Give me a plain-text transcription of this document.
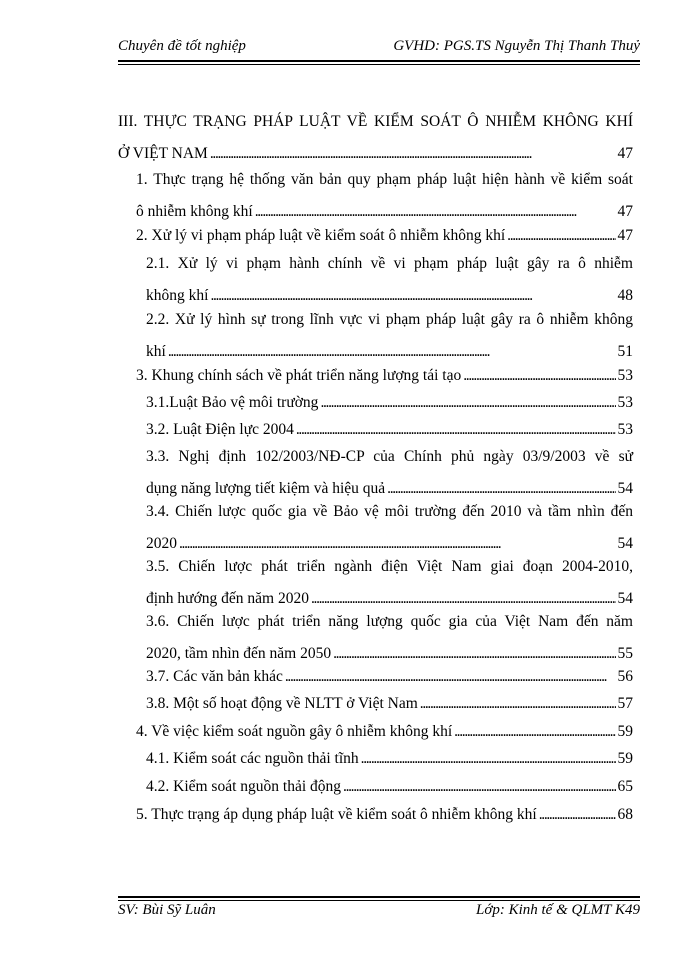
Chuyên đề tốt nghiệp	GVHD: PGS.TS Nguyễn Thị Thanh Thuỷ
III. THỰC TRẠNG PHÁP LUẬT VỀ KIỂM SOÁT Ô NHIỄM KHÔNG KHÍ
Ở VIỆT NAM . . .	47
1. Thực trạng hệ thống văn bản quy phạm pháp luật hiện hành về kiểm soát
ô nhiễm không khí . . .	47
2. Xử lý vi phạm pháp luật về kiểm soát ô nhiễm không khí . . .	47
2.1. Xử lý vi phạm hành chính về vi phạm pháp luật gây ra ô nhiễm
không khí . . .	48
2.2. Xử lý hình sự trong lĩnh vực vi phạm pháp luật gây ra ô nhiễm không
khí . . .	51
3. Khung chính sách về phát triển năng lượng tái tạo . . .	53
3.1.Luật Bảo vệ môi trường . . .	53
3.2. Luật Điện lực 2004 . . .	53
3.3. Nghị định 102/2003/NĐ-CP của Chính phủ ngày 03/9/2003 về sử
dụng năng lượng tiết kiệm và hiệu quả . . .	54
3.4. Chiến lược quốc gia về Bảo vệ môi trường đến 2010 và tầm nhìn đến
2020 . . .	54
3.5. Chiến lược phát triển ngành điện Việt Nam giai đoạn 2004-2010,
định hướng đến năm 2020 . . .	54
3.6. Chiến lược phát triển năng lượng quốc gia của Việt Nam đến năm
2020, tầm nhìn đến năm 2050 . . .	55
3.7. Các văn bản khác . . .	56
3.8. Một số hoạt động về NLTT ở Việt Nam . . .	57
4. Về việc kiểm soát nguồn gây ô nhiễm không khí . . .	59
4.1. Kiểm soát các nguồn thải tĩnh . . .	59
4.2. Kiểm soát nguồn thải động . . .	65
5. Thực trạng áp dụng pháp luật về kiểm soát ô nhiễm không khí . . .	68
SV: Bùi Sỹ Luân	Lớp: Kinh tế & QLMT K49
